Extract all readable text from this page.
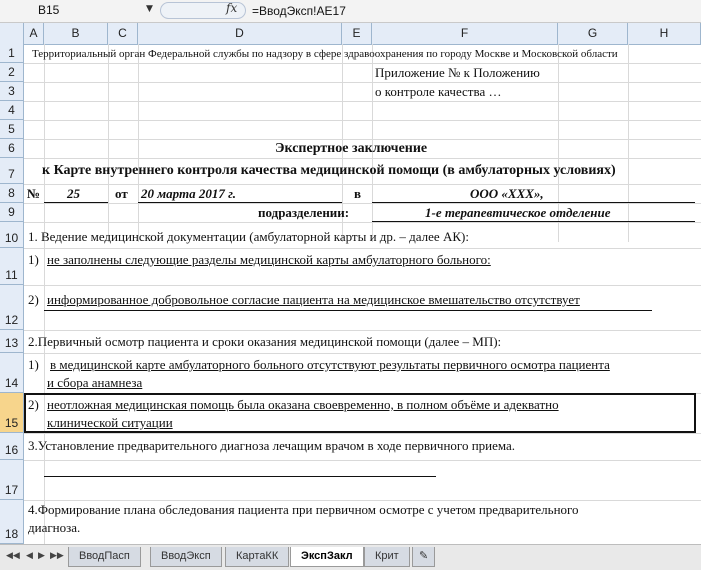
B15	▼	fx =ВводЭксп!AE17
A	B	C	D	E	F	G	H
1
2
3
4
5
6
7
8
9
10
11
12
13
14
15
16
17
18
Территориальный орган Федеральной службы по надзору в сфере здравоохранения по городу Москве и Московской области
Приложение № к Положению
о контроле качества …
Экспертное заключение
к Карте внутреннего контроля качества медицинской помощи (в амбулаторных условиях)
№ 25	от 20 марта 2017 г.	в	ООО «ХХХ»,
подразделении:	1-е терапевтическое отделение
1. Ведение медицинской документации (амбулаторной карты и др. – далее АК):
1) не заполнены следующие разделы медицинской карты амбулаторного больного:
2) информированное добровольное согласие пациента на медицинское вмешательство отсутствует
2.Первичный осмотр пациента и сроки оказания медицинской помощи (далее – МП):
1) в медицинской карте амбулаторного больного отсутствуют результаты первичного осмотра пациента
и сбора анамнеза
2) неотложная медицинская помощь была оказана своевременно, в полном объёме и адекватно
клинической ситуации
3.Установление предварительного диагноза лечащим врачом в ходе первичного приема.
4.Формирование плана обследования пациента при первичном осмотре с учетом предварительного
диагноза.
◀◀ ◀ ▶ ▶▶	ВводПасп	ВводЭксп	КартаКК	ЭкспЗакл	Крит	✎
